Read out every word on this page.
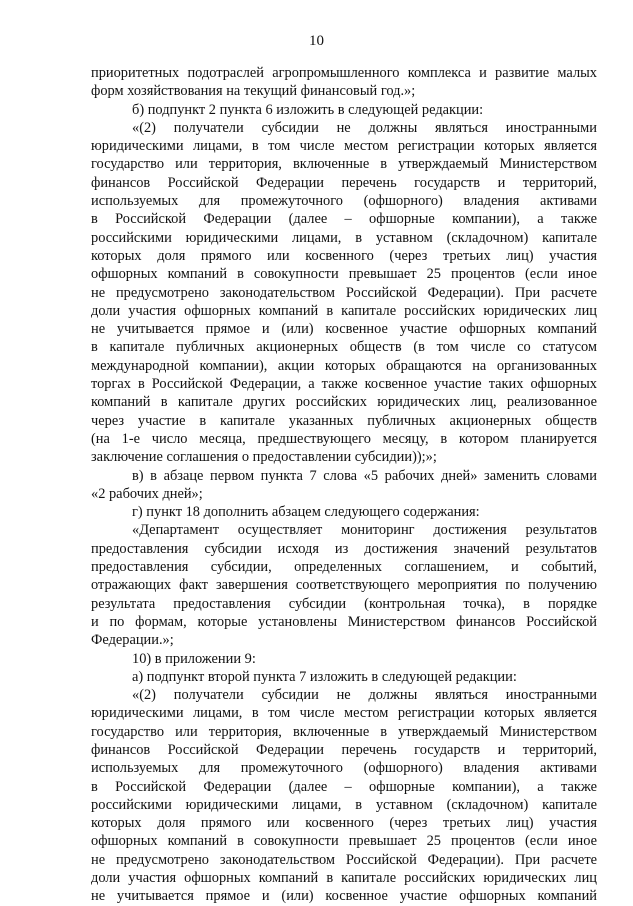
10
приоритетных подотраслей агропромышленного комплекса и развитие малых
форм хозяйствования на текущий финансовый год.»;
б) подпункт 2 пункта 6 изложить в следующей редакции:
«(2) получатели субсидии не должны являться иностранными
юридическими лицами, в том числе местом регистрации которых является
государство или территория, включенные в утверждаемый Министерством
финансов Российской Федерации перечень государств и территорий,
используемых для промежуточного (офшорного) владения активами
в Российской Федерации (далее – офшорные компании), а также
российскими юридическими лицами, в уставном (складочном) капитале
которых доля прямого или косвенного (через третьих лиц) участия
офшорных компаний в совокупности превышает 25 процентов (если иное
не предусмотрено законодательством Российской Федерации). При расчете
доли участия офшорных компаний в капитале российских юридических лиц
не учитывается прямое и (или) косвенное участие офшорных компаний
в капитале публичных акционерных обществ (в том числе со статусом
международной компании), акции которых обращаются на организованных
торгах в Российской Федерации, а также косвенное участие таких офшорных
компаний в капитале других российских юридических лиц, реализованное
через участие в капитале указанных публичных акционерных обществ
(на 1-е число месяца, предшествующего месяцу, в котором планируется
заключение соглашения о предоставлении субсидии));»;
в) в абзаце первом пункта 7 слова «5 рабочих дней» заменить словами
«2 рабочих дней»;
г) пункт 18 дополнить абзацем следующего содержания:
«Департамент осуществляет мониторинг достижения результатов
предоставления субсидии исходя из достижения значений результатов
предоставления субсидии, определенных соглашением, и событий,
отражающих факт завершения соответствующего мероприятия по получению
результата предоставления субсидии (контрольная точка), в порядке
и по формам, которые установлены Министерством финансов Российской
Федерации.»;
10) в приложении 9:
а) подпункт второй пункта 7 изложить в следующей редакции:
«(2) получатели субсидии не должны являться иностранными
юридическими лицами, в том числе местом регистрации которых является
государство или территория, включенные в утверждаемый Министерством
финансов Российской Федерации перечень государств и территорий,
используемых для промежуточного (офшорного) владения активами
в Российской Федерации (далее – офшорные компании), а также
российскими юридическими лицами, в уставном (складочном) капитале
которых доля прямого или косвенного (через третьих лиц) участия
офшорных компаний в совокупности превышает 25 процентов (если иное
не предусмотрено законодательством Российской Федерации). При расчете
доли участия офшорных компаний в капитале российских юридических лиц
не учитывается прямое и (или) косвенное участие офшорных компаний
